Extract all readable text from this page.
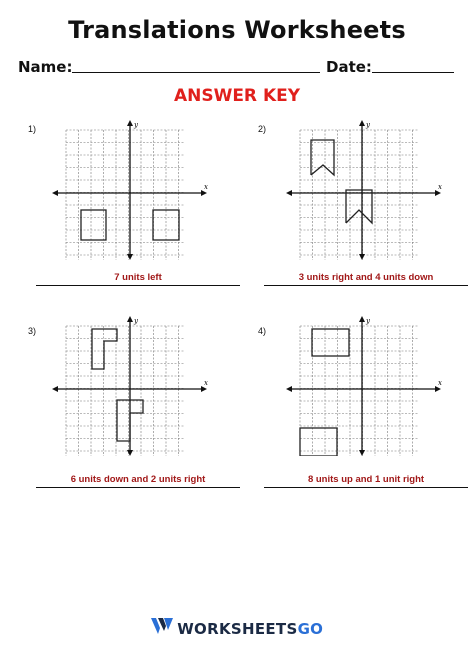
Translations Worksheets
Name:	Date:
ANSWER KEY
1)
x
y
7 units left
2)
x
y
3 units right and 4 units down
3)
x
y
6 units down and 2 units right
4)
x
y
8 units up and 1 unit right
WORKSHEETSGO
